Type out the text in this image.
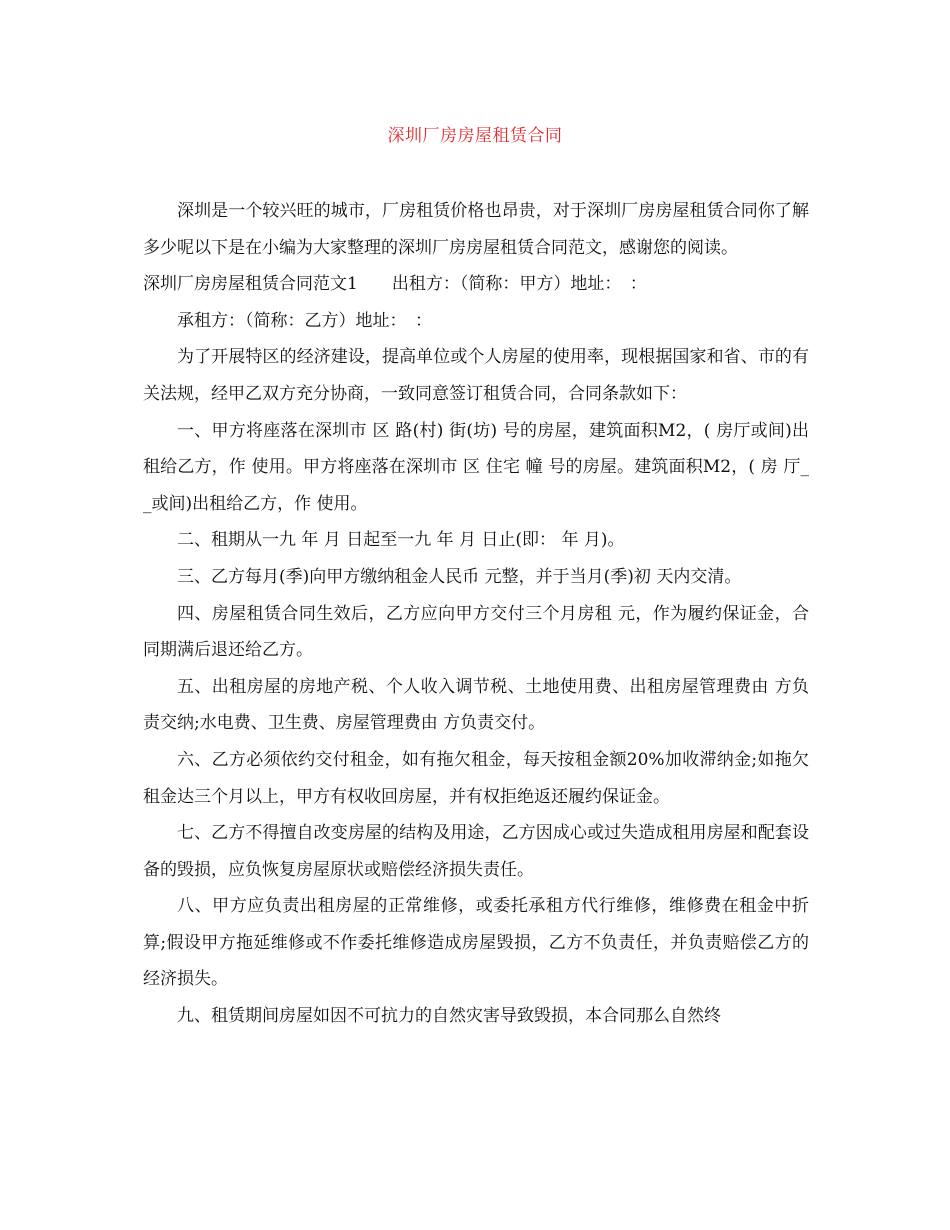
深圳厂房房屋租赁合同

深圳是一个较兴旺的城市，厂房租赁价格也昂贵，对于深圳厂房房屋租赁合同你了解多少呢以下是在小编为大家整理的深圳厂房房屋租赁合同范文，感谢您的阅读。

深圳厂房房屋租赁合同范文1 出租方：（简称：甲方）地址：　：

承租方：（简称：乙方）地址：　：

为了开展特区的经济建设，提高单位或个人房屋的使用率，现根据国家和省、市的有关法规，经甲乙双方充分协商，一致同意签订租赁合同，合同条款如下：

一、甲方将座落在深圳市 区 路(村) 街(坊) 号的房屋，建筑面积M2，( 房厅或间)出租给乙方，作 使用。甲方将座落在深圳市 区 住宅 幢 号的房屋。建筑面积M2，( 房 厅__或间)出租给乙方，作 使用。

二、租期从一九 年 月 日起至一九 年 月 日止(即： 年 月)。

三、乙方每月(季)向甲方缴纳租金人民币 元整，并于当月(季)初 天内交清。

四、房屋租赁合同生效后，乙方应向甲方交付三个月房租 元，作为履约保证金，合同期满后退还给乙方。

五、出租房屋的房地产税、个人收入调节税、土地使用费、出租房屋管理费由 方负责交纳;水电费、卫生费、房屋管理费由 方负责交付。

六、乙方必须依约交付租金，如有拖欠租金，每天按租金额20%加收滞纳金;如拖欠租金达三个月以上，甲方有权收回房屋，并有权拒绝返还履约保证金。

七、乙方不得擅自改变房屋的结构及用途，乙方因成心或过失造成租用房屋和配套设备的毁损，应负恢复房屋原状或赔偿经济损失责任。

八、甲方应负责出租房屋的正常维修，或委托承租方代行维修，维修费在租金中折算;假设甲方拖延维修或不作委托维修造成房屋毁损，乙方不负责任，并负责赔偿乙方的经济损失。

九、租赁期间房屋如因不可抗力的自然灾害导致毁损，本合同那么自然终
